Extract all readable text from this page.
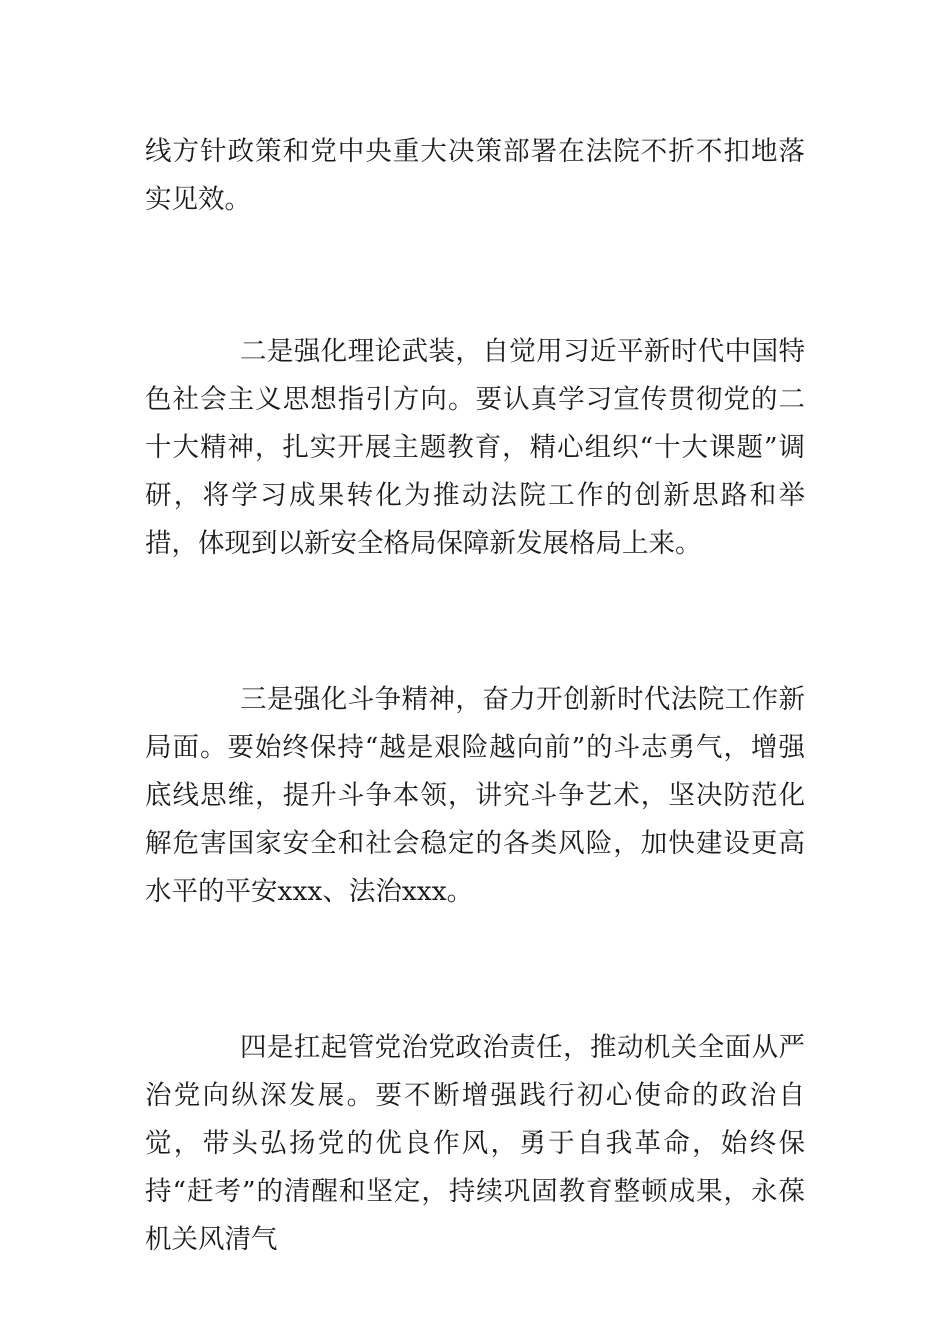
线方针政策和党中央重大决策部署在法院不折不扣地落实见效。

二是强化理论武装，自觉用习近平新时代中国特色社会主义思想指引方向。要认真学习宣传贯彻党的二十大精神，扎实开展主题教育，精心组织“十大课题”调研，将学习成果转化为推动法院工作的创新思路和举措，体现到以新安全格局保障新发展格局上来。

三是强化斗争精神，奋力开创新时代法院工作新局面。要始终保持“越是艰险越向前”的斗志勇气，增强底线思维，提升斗争本领，讲究斗争艺术，坚决防范化解危害国家安全和社会稳定的各类风险，加快建设更高水平的平安xxx、法治xxx。

四是扛起管党治党政治责任，推动机关全面从严治党向纵深发展。要不断增强践行初心使命的政治自觉，带头弘扬党的优良作风，勇于自我革命，始终保持“赶考”的清醒和坚定，持续巩固教育整顿成果，永葆机关风清气
